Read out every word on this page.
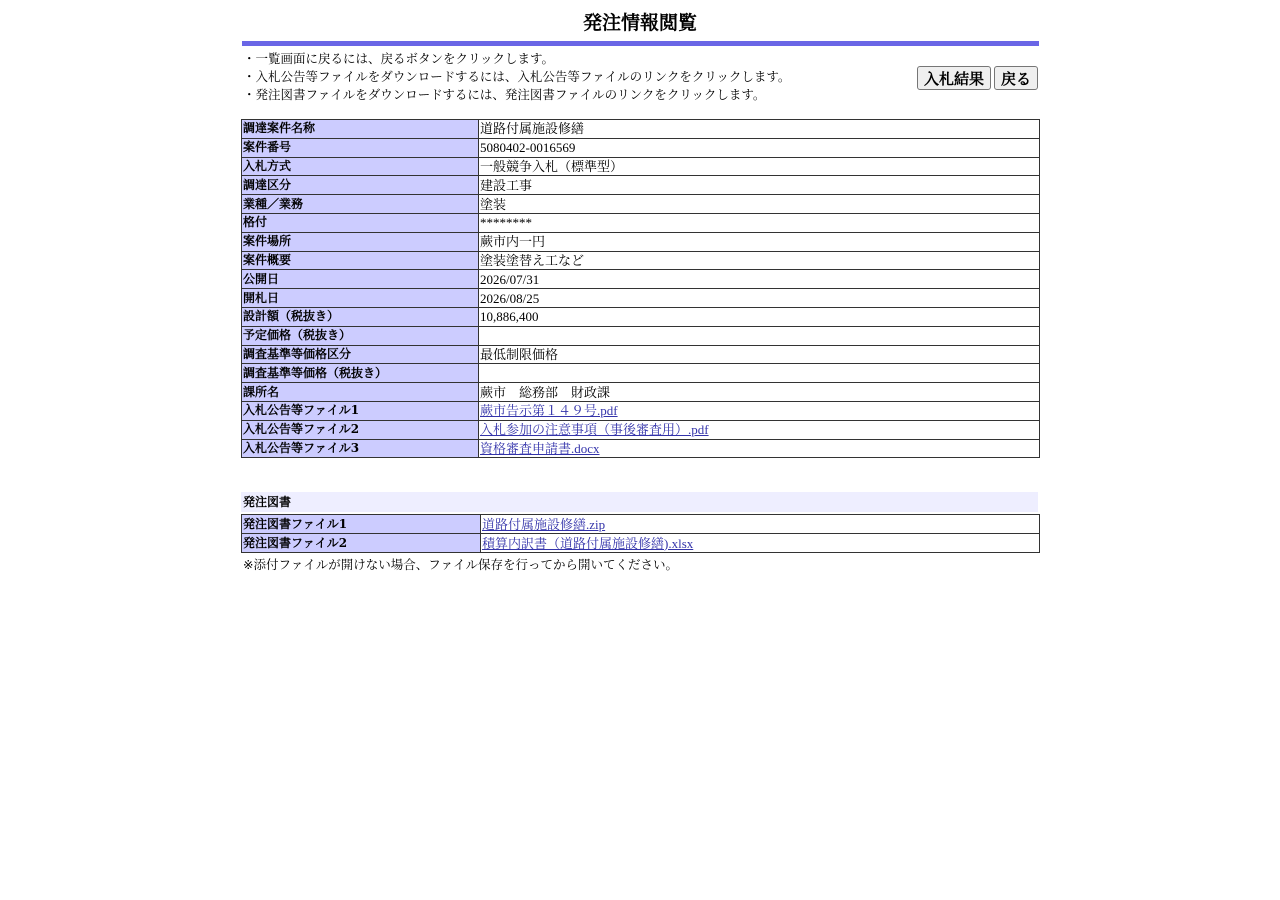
発注情報閲覧
・一覧画面に戻るには、戻るボタンをクリックします。
・入札公告等ファイルをダウンロードするには、入札公告等ファイルのリンクをクリックします。
・発注図書ファイルをダウンロードするには、発注図書ファイルのリンクをクリックします。
入札結果	戻る
調達案件名称	道路付属施設修繕
案件番号	5080402-0016569
入札方式	一般競争入札（標準型）
調達区分	建設工事
業種／業務	塗装
格付	********
案件場所	蕨市内一円
案件概要	塗装塗替え工など
公開日	2026/07/31
開札日	2026/08/25
設計額（税抜き）	10,886,400
予定価格（税抜き）	
調査基準等価格区分	最低制限価格
調査基準等価格（税抜き）	
課所名	蕨市　総務部　財政課
入札公告等ファイル1	蕨市告示第１４９号.pdf
入札公告等ファイル2	入札参加の注意事項（事後審査用）.pdf
入札公告等ファイル3	資格審査申請書.docx
発注図書
発注図書ファイル1	道路付属施設修繕.zip
発注図書ファイル2	積算内訳書（道路付属施設修繕).xlsx
※添付ファイルが開けない場合、ファイル保存を行ってから開いてください。
